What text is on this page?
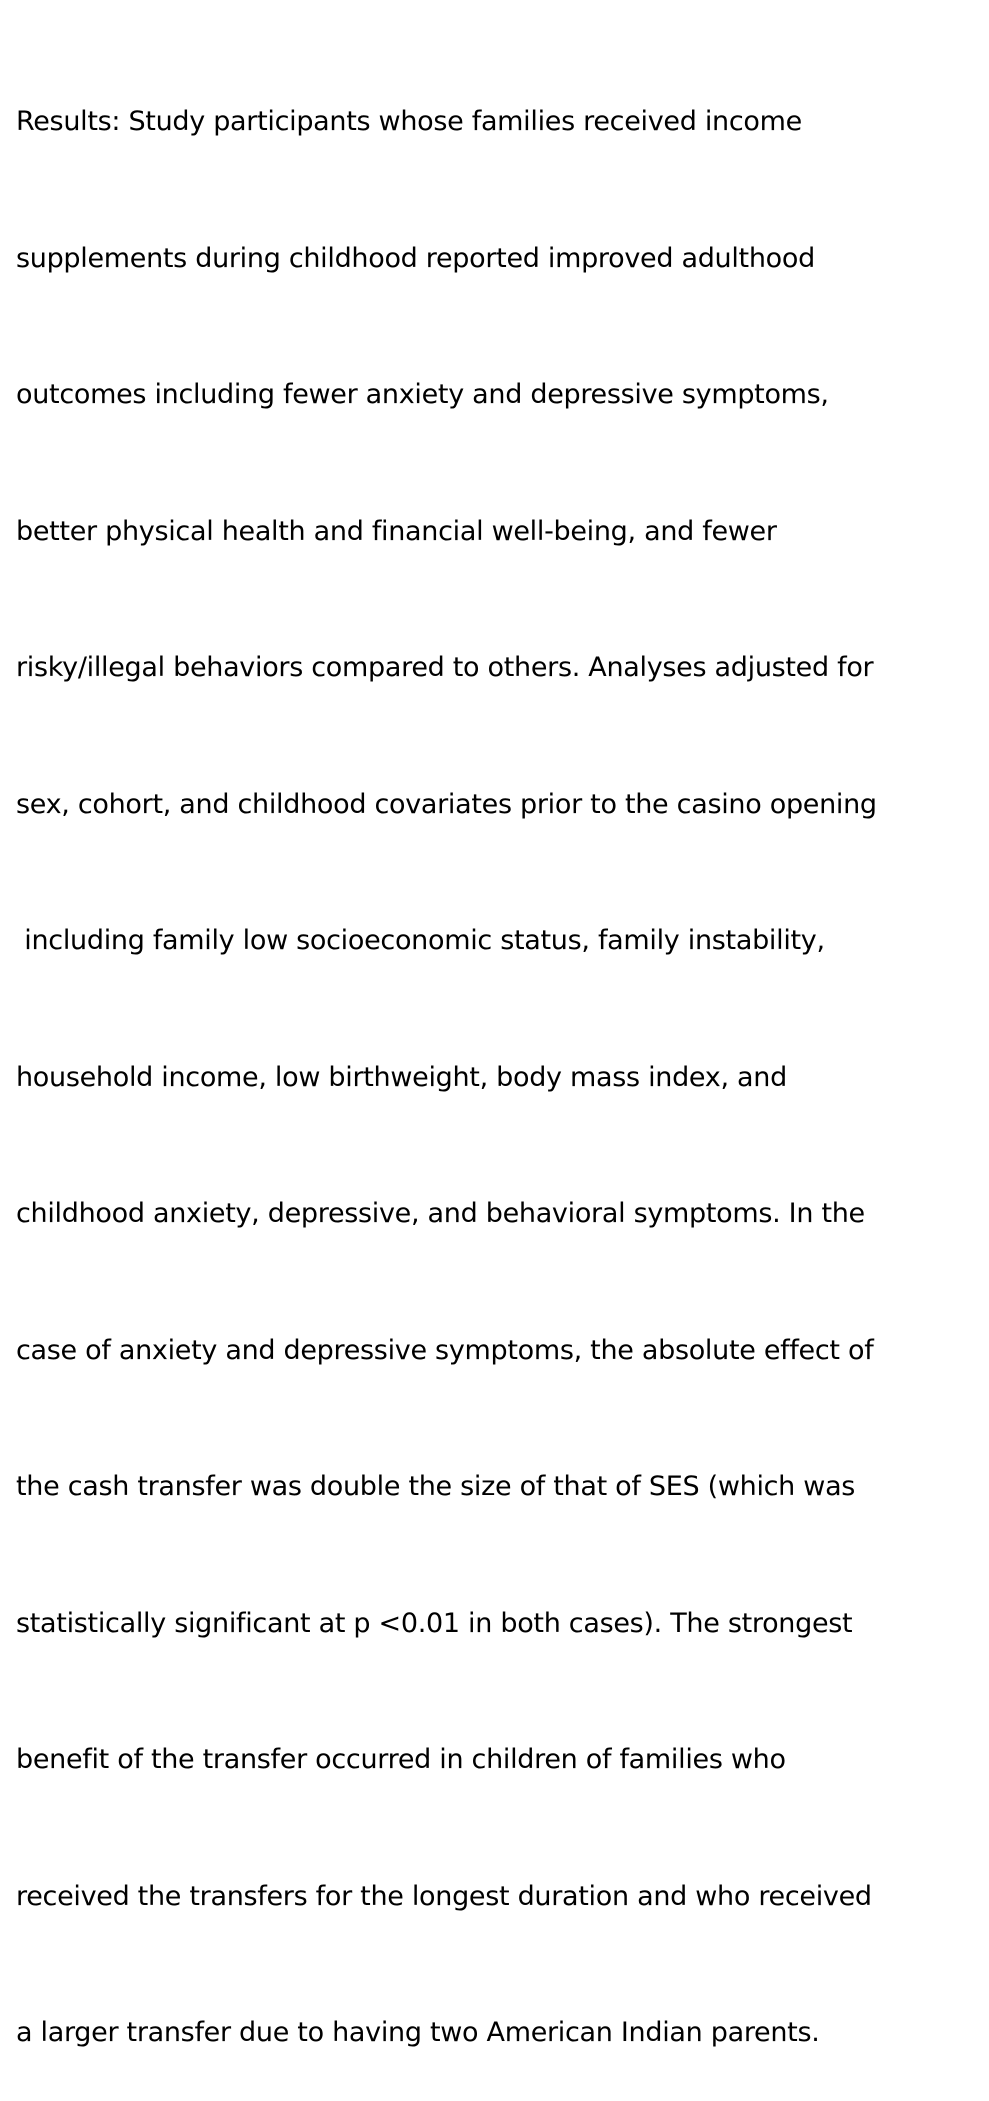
Results: Study participants whose families received income

supplements during childhood reported improved adulthood

outcomes including fewer anxiety and depressive symptoms,

better physical health and financial well-being, and fewer

risky/illegal behaviors compared to others. Analyses adjusted for

sex, cohort, and childhood covariates prior to the casino opening

including family low socioeconomic status, family instability,

household income, low birthweight, body mass index, and

childhood anxiety, depressive, and behavioral symptoms. In the

case of anxiety and depressive symptoms, the absolute effect of

the cash transfer was double the size of that of SES (which was

statistically significant at p <0.01 in both cases). The strongest

benefit of the transfer occurred in children of families who

received the transfers for the longest duration and who received

a larger transfer due to having two American Indian parents.
